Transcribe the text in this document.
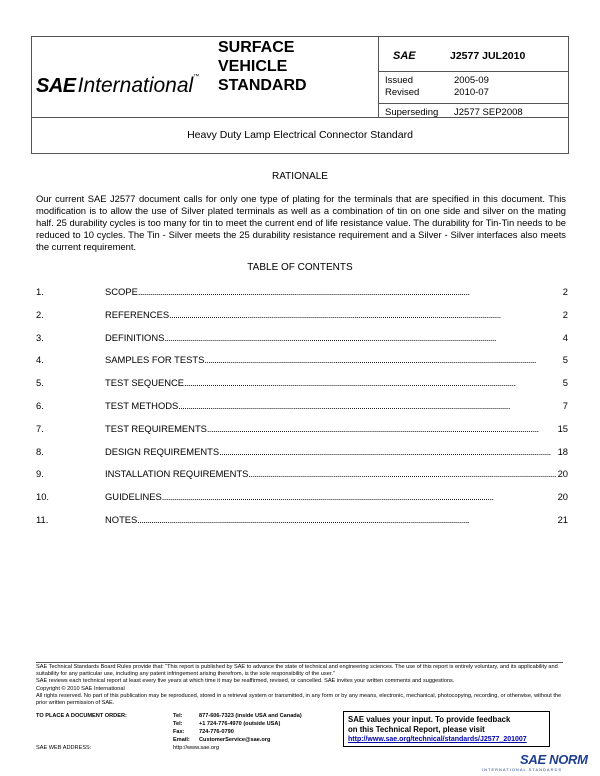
SAEInternational™
SURFACE
VEHICLE
STANDARD
SAE	J2577 JUL2010
Issued	2005-09
Revised	2010-07
Superseding J2577 SEP2008
Heavy Duty Lamp Electrical Connector Standard
RATIONALE
Our current SAE J2577 document calls for only one type of plating for the terminals that are specified in this document. This modification is to allow the use of Silver plated terminals as well as a combination of tin on one side and silver on the mating half. 25 durability cycles is too many for tin to meet the current end of life resistance value. The durability for Tin-Tin needs to be reduced to 10 cycles. The Tin - Silver meets the 25 durability resistance requirement and a Silver - Silver interfaces also meets the current requirement.
TABLE OF CONTENTS
1.	SCOPE . . .	2
2.	REFERENCES . . .	2
3.	DEFINITIONS . . .	4
4.	SAMPLES FOR TESTS . . .	5
5.	TEST SEQUENCE . . .	5
6.	TEST METHODS . . .	7
7.	TEST REQUIREMENTS . . .	15
8.	DESIGN REQUIREMENTS . . .	18
9.	INSTALLATION REQUIREMENTS . . .	20
10.	GUIDELINES . . .	20
11.	NOTES . . .	21
SAE Technical Standards Board Rules provide that: “This report is published by SAE to advance the state of technical and engineering sciences. The use of this report is entirely voluntary, and its applicability and suitability for any particular use, including any patent infringement arising therefrom, is the sole responsibility of the user.”
SAE reviews each technical report at least every five years at which time it may be reaffirmed, revised, or cancelled. SAE invites your written comments and suggestions.
Copyright © 2010 SAE International
All rights reserved. No part of this publication may be reproduced, stored in a retrieval system or transmitted, in any form or by any means, electronic, mechanical, photocopying, recording, or otherwise, without the prior written permission of SAE.
TO PLACE A DOCUMENT ORDER:	Tel:	877-606-7323 (inside USA and Canada)
Tel:	+1 724-776-4970 (outside USA)
Fax:	724-776-0790
Email: CustomerService@sae.org
SAE WEB ADDRESS:	http://www.sae.org
SAE values your input. To provide feedback
on this Technical Report, please visit
http://www.sae.org/technical/standards/J2577_201007
SAE NORM
INTERNATIONAL STANDARDS
